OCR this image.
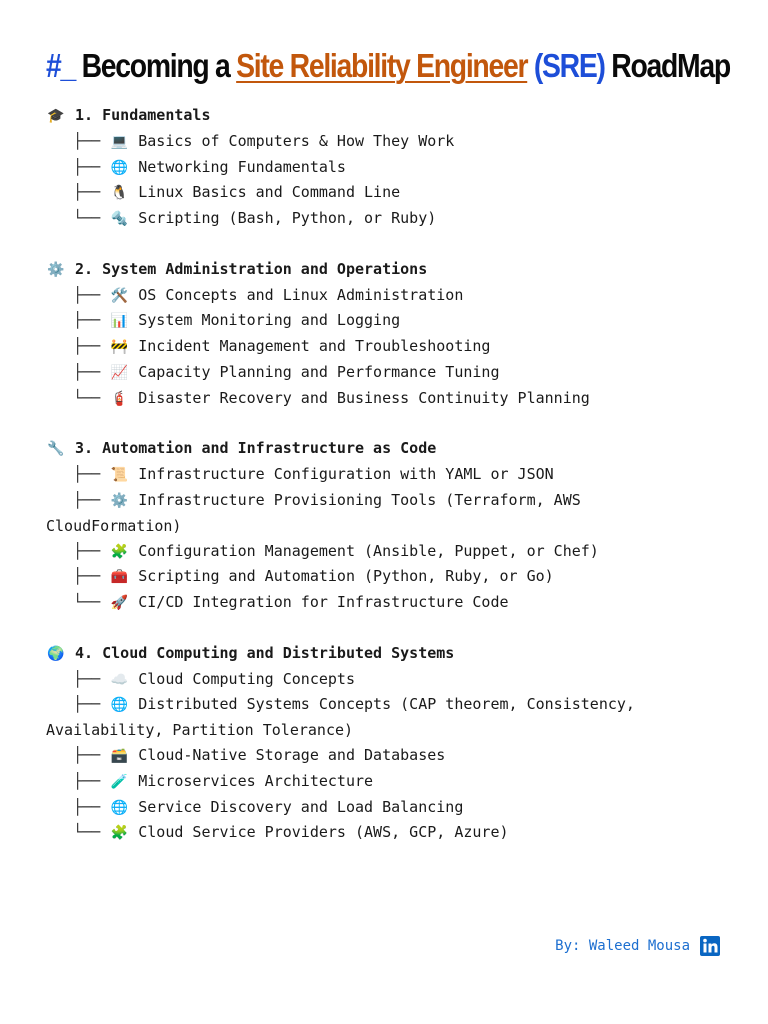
#_ Becoming a Site Reliability Engineer (SRE) RoadMap
🎓 1. Fundamentals
├── 💻 Basics of Computers & How They Work
├── 🌐 Networking Fundamentals
├── 🐧 Linux Basics and Command Line
└── 🔩 Scripting (Bash, Python, or Ruby)
⚙️ 2. System Administration and Operations
├── 🛠️ OS Concepts and Linux Administration
├── 📊 System Monitoring and Logging
├── 🚧 Incident Management and Troubleshooting
├── 📈 Capacity Planning and Performance Tuning
└── 🧯 Disaster Recovery and Business Continuity Planning
🔧 3. Automation and Infrastructure as Code
├── 📜 Infrastructure Configuration with YAML or JSON
├── ⚙️ Infrastructure Provisioning Tools (Terraform, AWS
CloudFormation)
├── 🧩 Configuration Management (Ansible, Puppet, or Chef)
├── 🧰 Scripting and Automation (Python, Ruby, or Go)
└── 🚀 CI/CD Integration for Infrastructure Code
🌍 4. Cloud Computing and Distributed Systems
├── ☁️ Cloud Computing Concepts
├── 🌐 Distributed Systems Concepts (CAP theorem, Consistency,
Availability, Partition Tolerance)
├── 🗃️ Cloud-Native Storage and Databases
├── 🧪 Microservices Architecture
├── 🌐 Service Discovery and Load Balancing
└── 🧩 Cloud Service Providers (AWS, GCP, Azure)
By: Waleed Mousa
